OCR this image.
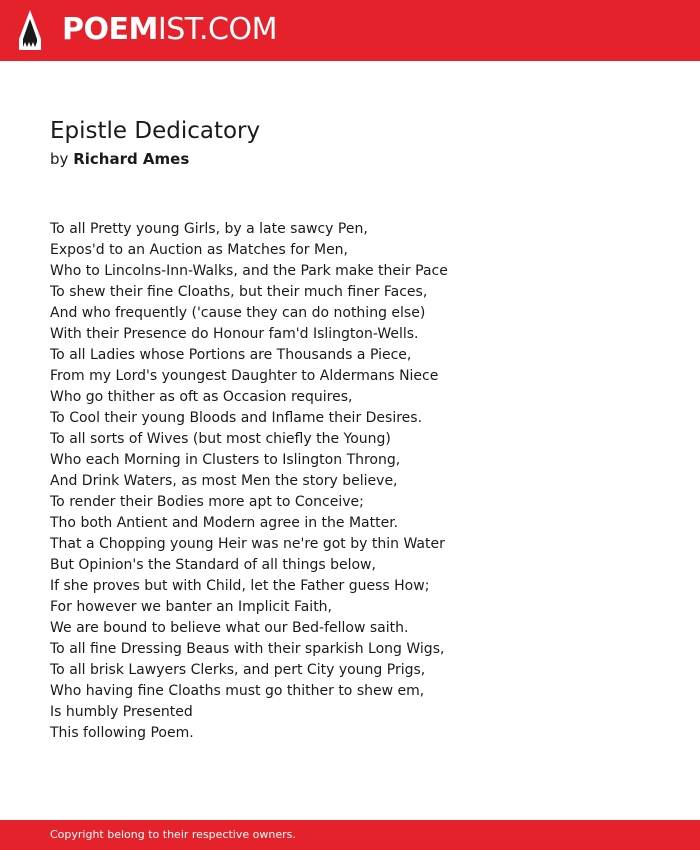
POEMIST.COM
Epistle Dedicatory
by Richard Ames
To all Pretty young Girls, by a late sawcy Pen,
Expos'd to an Auction as Matches for Men,
Who to Lincolns-Inn-Walks, and the Park make their Pace
To shew their fine Cloaths, but their much finer Faces,
And who frequently ('cause they can do nothing else)
With their Presence do Honour fam'd Islington-Wells.
To all Ladies whose Portions are Thousands a Piece,
From my Lord's youngest Daughter to Aldermans Niece
Who go thither as oft as Occasion requires,
To Cool their young Bloods and Inflame their Desires.
To all sorts of Wives (but most chiefly the Young)
Who each Morning in Clusters to Islington Throng,
And Drink Waters, as most Men the story believe,
To render their Bodies more apt to Conceive;
Tho both Antient and Modern agree in the Matter.
That a Chopping young Heir was ne're got by thin Water
But Opinion's the Standard of all things below,
If she proves but with Child, let the Father guess How;
For however we banter an Implicit Faith,
We are bound to believe what our Bed-fellow saith.
To all fine Dressing Beaus with their sparkish Long Wigs,
To all brisk Lawyers Clerks, and pert City young Prigs,
Who having fine Cloaths must go thither to shew em,
Is humbly Presented
This following Poem.
Copyright belong to their respective owners.
